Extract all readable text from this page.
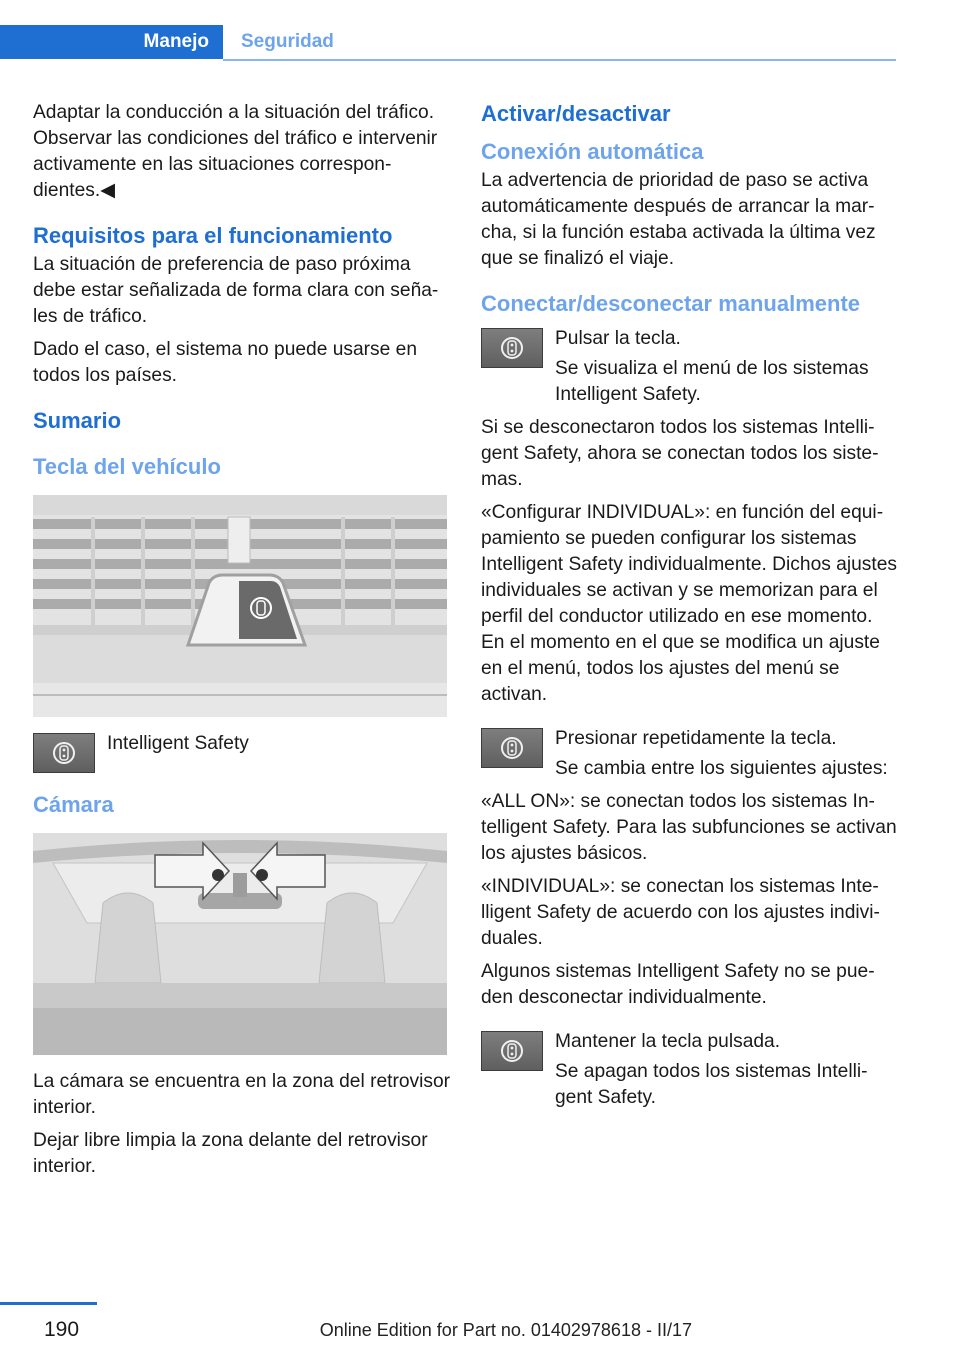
Manejo	Seguridad

Adaptar la conducción a la situación del tráfico. Observar las condiciones del tráfico e intervenir activamente en las situaciones correspondientes.◀

Requisitos para el funcionamiento

La situación de preferencia de paso próxima debe estar señalizada de forma clara con señales de tráfico.

Dado el caso, el sistema no puede usarse en todos los países.

Sumario
Tecla del vehículo

Intelligent Safety

Cámara

La cámara se encuentra en la zona del retrovisor interior.

Dejar libre limpia la zona delante del retrovisor interior.

Activar/desactivar
Conexión automática

La advertencia de prioridad de paso se activa automáticamente después de arrancar la marcha, si la función estaba activada la última vez que se finalizó el viaje.

Conectar/desconectar manualmente

Pulsar la tecla.

Se visualiza el menú de los sistemas Intelligent Safety.

Si se desconectaron todos los sistemas Intelligent Safety, ahora se conectan todos los sistemas.

«Configurar INDIVIDUAL»: en función del equipamiento se pueden configurar los sistemas Intelligent Safety individualmente. Dichos ajustes individuales se activan y se memorizan para el perfil del conductor utilizado en ese momento. En el momento en el que se modifica un ajuste en el menú, todos los ajustes del menú se activan.

Presionar repetidamente la tecla.

Se cambia entre los siguientes ajustes:

«ALL ON»: se conectan todos los sistemas Intelligent Safety. Para las subfunciones se activan los ajustes básicos.

«INDIVIDUAL»: se conectan los sistemas Intelligent Safety de acuerdo con los ajustes individuales.

Algunos sistemas Intelligent Safety no se pueden desconectar individualmente.

Mantener la tecla pulsada.

Se apagan todos los sistemas Intelligent Safety.

190	Online Edition for Part no. 01402978618 - II/17
